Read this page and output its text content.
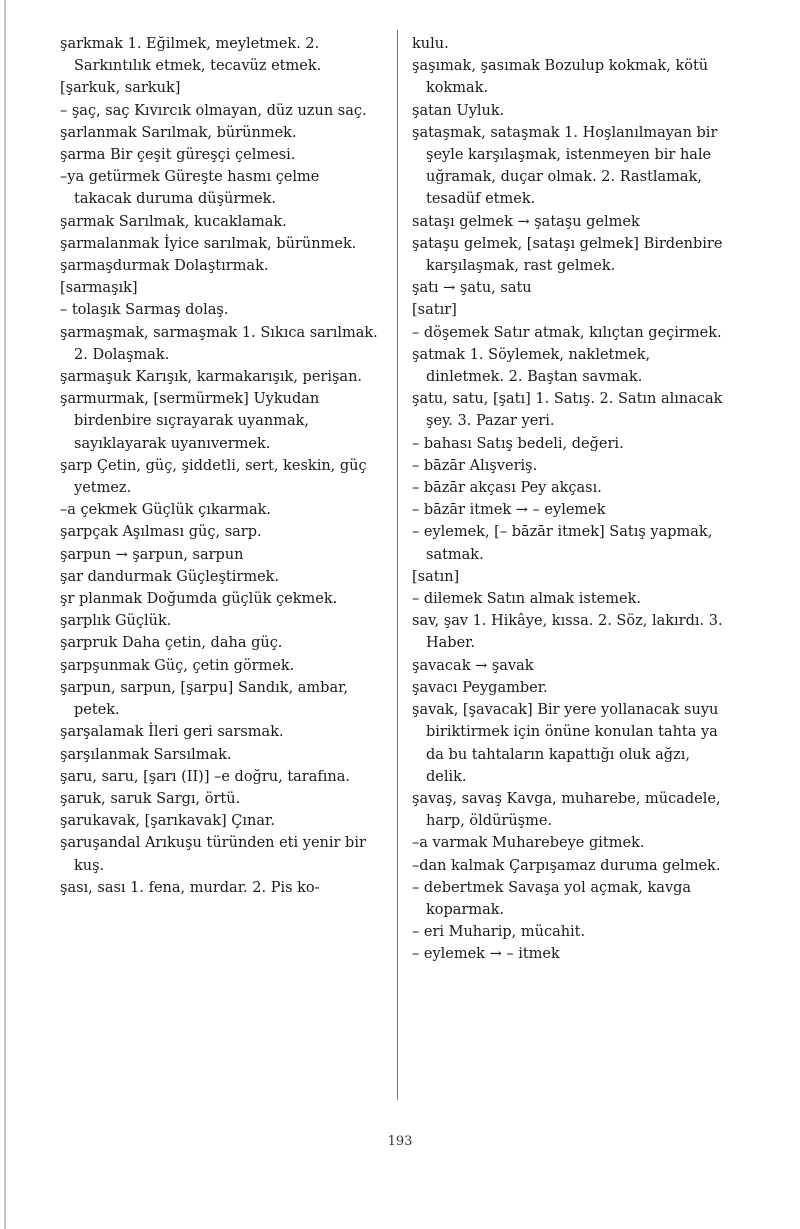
şarkmak 1. Eğilmek, meyletmek. 2. Sarkıntılık etmek, tecavüz etmek.

[şarkuk, sarkuk]

– şaç, saç Kıvırcık olmayan, düz uzun saç.

şarlanmak Sarılmak, bürünmek.

şarma Bir çeşit güreşçi çelmesi.

–ya getürmek Güreşte hasmı çelme takacak duruma düşürmek.

şarmak Sarılmak, kucaklamak.

şarmalanmak İyice sarılmak, bürünmek.

şarmaşdurmak Dolaştırmak.

[sarmaşık]

– tolaşık Sarmaş dolaş.

şarmaşmak, sarmaşmak 1. Sıkıca sarılmak. 2. Dolaşmak.

şarmaşuk Karışık, karmakarışık, perişan.

şarmurmak, [sermürmek] Uykudan birdenbire sıçrayarak uyanmak, sayıklayarak uyanıvermek.

şarp Çetin, güç, şiddetli, sert, keskin, güç yetmez.

–a çekmek Güçlük çıkarmak.

şarpçak Aşılması güç, sarp.

şarpun → şarpun, sarpun

şar dandurmak Güçleştirmek.

şr planmak Doğumda güçlük çekmek.

şarplık Güçlük.

şarpruk Daha çetin, daha güç.

şarpşunmak Güç, çetin görmek.

şarpun, sarpun, [şarpu] Sandık, ambar, petek.

şarşalamak İleri geri sarsmak.

şarşılanmak Sarsılmak.

şaru, saru, [şarı (II)] –e doğru, tarafına.

şaruk, saruk Sargı, örtü.

şarukavak, [şarıkavak] Çınar.

şaruşandal Arıkuşu türünden eti yenir bir kuş.

şası, sası 1. fena, murdar. 2. Pis ko-

kulu.

şaşımak, şasımak Bozulup kokmak, kötü kokmak.

şatan Uyluk.

şataşmak, sataşmak 1. Hoşlanılmayan bir şeyle karşılaşmak, istenmeyen bir hale uğramak, duçar olmak. 2. Rastlamak, tesadüf etmek.

sataşı gelmek → şataşu gelmek

şataşu gelmek, [sataşı gelmek] Birdenbire karşılaşmak, rast gelmek.

şatı → şatu, satu

[satır]

– döşemek Satır atmak, kılıçtan geçirmek.

şatmak 1. Söylemek, nakletmek, dinletmek. 2. Baştan savmak.

şatu, satu, [şatı] 1. Satış. 2. Satın alınacak şey. 3. Pazar yeri.

– bahası Satış bedeli, değeri.

– bāzār Alışveriş.

– bāzār akçası Pey akçası.

– bāzār itmek → – eylemek

– eylemek, [– bāzār itmek] Satış yapmak, satmak.

[satın]

– dilemek Satın almak istemek.

sav, şav 1. Hikâye, kıssa. 2. Söz, lakırdı. 3. Haber.

şavacak → şavak

şavacı Peygamber.

şavak, [şavacak] Bir yere yollanacak suyu biriktirmek için önüne konulan tahta ya da bu tahtaların kapattığı oluk ağzı, delik.

şavaş, savaş Kavga, muharebe, mücadele, harp, öldürüşme.

–a varmak Muharebeye gitmek.

–dan kalmak Çarpışamaz duruma gelmek.

– debertmek Savaşa yol açmak, kavga koparmak.

– eri Muharip, mücahit.

– eylemek → – itmek

193
